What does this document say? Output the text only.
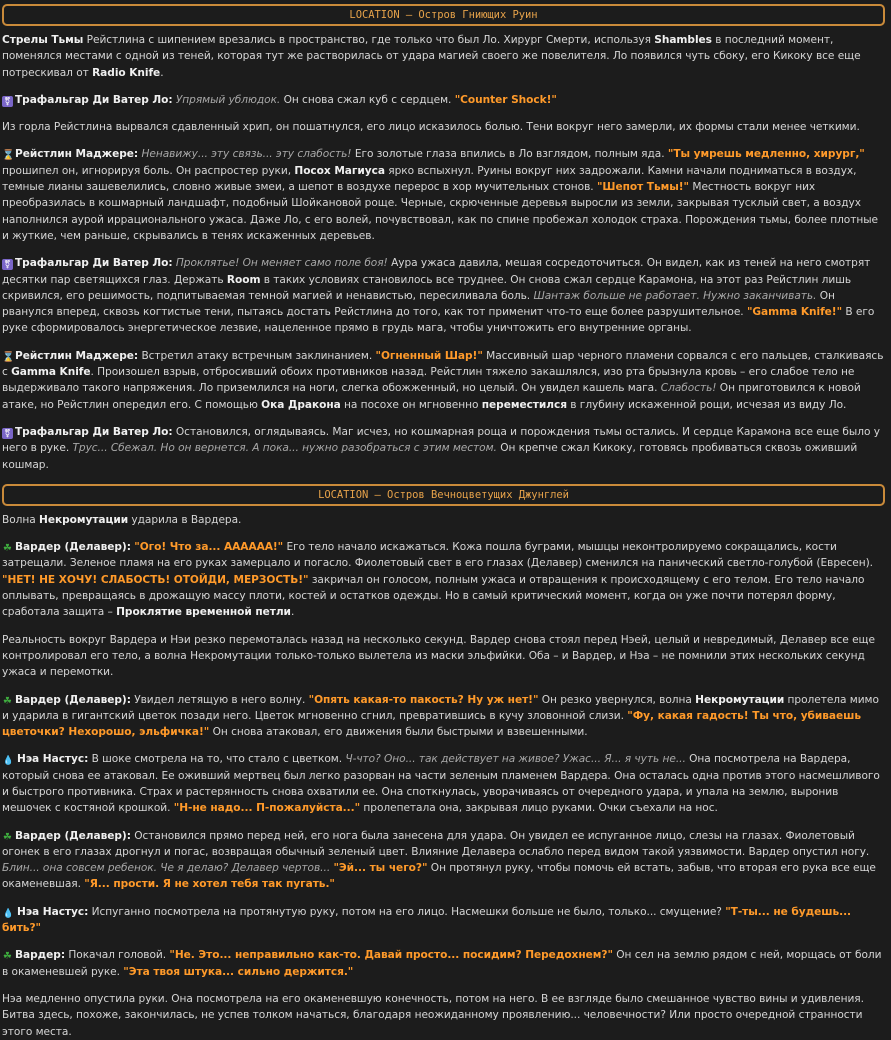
LOCATION – Остров Гниющих Руин

Стрелы Тьмы Рейстлина с шипением врезались в пространство, где только что был Ло. Хирург Смерти, используя Shambles в последний момент, поменялся местами с одной из теней, которая тут же растворилась от удара магией своего же повелителя. Ло появился чуть сбоку, его Кикоку все еще потрескивал от Radio Knife.

⚧ Трафальгар Ди Ватер Ло: Упрямый ублюдок. Он снова сжал куб с сердцем. "Counter Shock!"

Из горла Рейстлина вырвался сдавленный хрип, он пошатнулся, его лицо исказилось болью. Тени вокруг него замерли, их формы стали менее четкими.

⌛Рейстлин Маджере: Ненавижу... эту связь... эту слабость! Его золотые глаза впились в Ло взглядом, полным яда. "Ты умрешь медленно, хирург," прошипел он, игнорируя боль. Он распростер руки, Посох Магиуса ярко вспыхнул. Руины вокруг них задрожали. Камни начали подниматься в воздух, темные лианы зашевелились, словно живые змеи, а шепот в воздухе перерос в хор мучительных стонов. "Шепот Тьмы!" Местность вокруг них преобразилась в кошмарный ландшафт, подобный Шойкановой роще. Черные, скрюченные деревья выросли из земли, закрывая тусклый свет, а воздух наполнился аурой иррационального ужаса. Даже Ло, с его волей, почувствовал, как по спине пробежал холодок страха. Порождения тьмы, более плотные и жуткие, чем раньше, скрывались в тенях искаженных деревьев.

⚧ Трафальгар Ди Ватер Ло: Проклятье! Он меняет само поле боя! Аура ужаса давила, мешая сосредоточиться. Он видел, как из теней на него смотрят десятки пар светящихся глаз. Держать Room в таких условиях становилось все труднее. Он снова сжал сердце Карамона, на этот раз Рейстлин лишь скривился, его решимость, подпитываемая темной магией и ненавистью, пересиливала боль. Шантаж больше не работает. Нужно заканчивать. Он рванулся вперед, сквозь когтистые тени, пытаясь достать Рейстлина до того, как тот применит что-то еще более разрушительное. "Gamma Knife!" В его руке сформировалось энергетическое лезвие, нацеленное прямо в грудь мага, чтобы уничтожить его внутренние органы.

⌛Рейстлин Маджере: Встретил атаку встречным заклинанием. "Огненный Шар!" Массивный шар черного пламени сорвался с его пальцев, сталкиваясь с Gamma Knife. Произошел взрыв, отбросивший обоих противников назад. Рейстлин тяжело закашлялся, изо рта брызнула кровь – его слабое тело не выдерживало такого напряжения. Ло приземлился на ноги, слегка обожженный, но целый. Он увидел кашель мага. Слабость! Он приготовился к новой атаке, но Рейстлин опередил его. С помощью Ока Дракона на посохе он мгновенно переместился в глубину искаженной рощи, исчезая из виду Ло.

⚧ Трафальгар Ди Ватер Ло: Остановился, оглядываясь. Маг исчез, но кошмарная роща и порождения тьмы остались. И сердце Карамона все еще было у него в руке. Трус... Сбежал. Но он вернется. А пока... нужно разобраться с этим местом. Он крепче сжал Кикоку, готовясь пробиваться сквозь оживший кошмар.

LOCATION – Остров Вечноцветущих Джунглей

Волна Некромутации ударила в Вардера.

☘ Вардер (Делавер): "Ого! Что за... АААААА!" Его тело начало искажаться. Кожа пошла буграми, мышцы неконтролируемо сокращались, кости затрещали. Зеленое пламя на его руках замерцало и погасло. Фиолетовый свет в его глазах (Делавер) сменился на панический светло-голубой (Евресен). "НЕТ! НЕ ХОЧУ! СЛАБОСТЬ! ОТОЙДИ, МЕРЗОСТЬ!" закричал он голосом, полным ужаса и отвращения к происходящему с его телом. Его тело начало оплывать, превращаясь в дрожащую массу плоти, костей и остатков одежды. Но в самый критический момент, когда он уже почти потерял форму, сработала защита – Проклятие временной петли.

Реальность вокруг Вардера и Нэи резко перемоталась назад на несколько секунд. Вардер снова стоял перед Нэей, целый и невредимый, Делавер все еще контролировал его тело, а волна Некромутации только-только вылетела из маски эльфийки. Оба – и Вардер, и Нэа – не помнили этих нескольких секунд ужаса и перемотки.

☘ Вардер (Делавер): Увидел летящую в него волну. "Опять какая-то пакость? Ну уж нет!" Он резко увернулся, волна Некромутации пролетела мимо и ударила в гигантский цветок позади него. Цветок мгновенно сгнил, превратившись в кучу зловонной слизи. "Фу, какая гадость! Ты что, убиваешь цветочки? Нехорошо, эльфичка!" Он снова атаковал, его движения были быстрыми и взвешенными.

💧 Нэа Настус: В шоке смотрела на то, что стало с цветком. Ч-что? Оно... так действует на живое? Ужас... Я... я чуть не... Она посмотрела на Вардера, который снова ее атаковал. Ее оживший мертвец был легко разорван на части зеленым пламенем Вардера. Она осталась одна против этого насмешливого и быстрого противника. Страх и растерянность снова охватили ее. Она споткнулась, уворачиваясь от очередного удара, и упала на землю, выронив мешочек с костяной крошкой. "Н-не надо... П-пожалуйста..." пролепетала она, закрывая лицо руками. Очки съехали на нос.

☘ Вардер (Делавер): Остановился прямо перед ней, его нога была занесена для удара. Он увидел ее испуганное лицо, слезы на глазах. Фиолетовый огонек в его глазах дрогнул и погас, возвращая обычный зеленый цвет. Влияние Делавера ослабло перед видом такой уязвимости. Вардер опустил ногу. Блин... она совсем ребенок. Че я делаю? Делавер чертов... "Эй... ты чего?" Он протянул руку, чтобы помочь ей встать, забыв, что вторая его рука все еще окаменевшая. "Я... прости. Я не хотел тебя так пугать."

💧 Нэа Настус: Испуганно посмотрела на протянутую руку, потом на его лицо. Насмешки больше не было, только... смущение? "Т-ты... не будешь... бить?"

☘ Вардер: Покачал головой. "Не. Это... неправильно как-то. Давай просто... посидим? Передохнем?" Он сел на землю рядом с ней, морщась от боли в окаменевшей руке. "Эта твоя штука... сильно держится."

Нэа медленно опустила руки. Она посмотрела на его окаменевшую конечность, потом на него. В ее взгляде было смешанное чувство вины и удивления. Битва здесь, похоже, закончилась, не успев толком начаться, благодаря неожиданному проявлению... человечности? Или просто очередной странности этого места.
